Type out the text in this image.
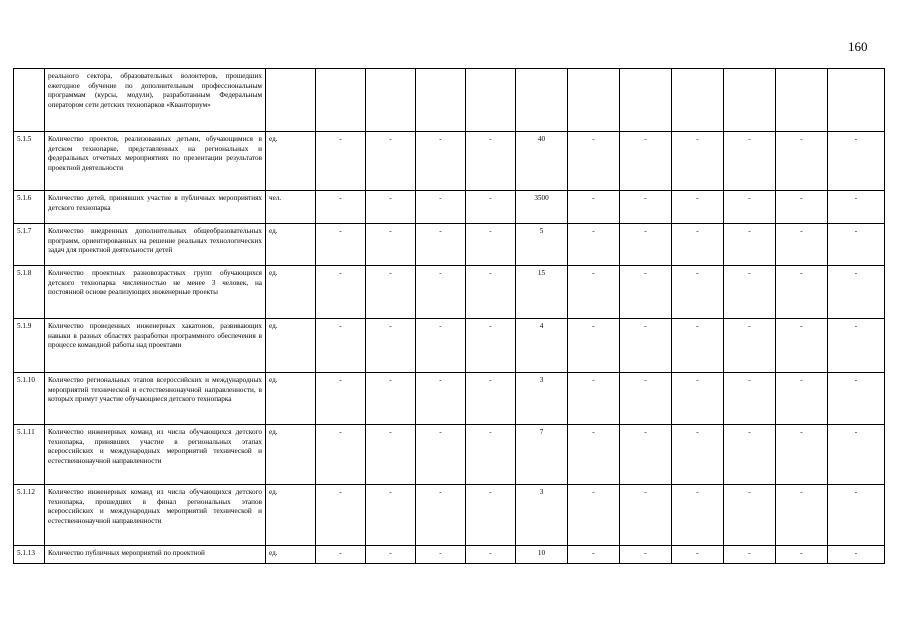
160
	реального сектора, образовательных волонтеров, прошедших ежегодное обучение по дополнительным профессиональным программам (курсы, модули), разработанным Федеральным оператором сети детских технопарков «Кванториум»												
5.1.5	Количество проектов, реализованных детьми, обучающимися в детском технопарке, представленных на региональных и федеральных отчетных мероприятиях по презентации результатов проектной деятельности	ед.	-	-	-	-	40	-	-	-	-	-	-
5.1.6	Количество детей, принявших участие в публичных мероприятиях детского технопарка	чел.	-	-	-	-	3500	-	-	-	-	-	-
5.1.7	Количество внедренных дополнительных общеобразовательных программ, ориентированных на решение реальных технологических задач для проектной деятельности детей	ед.	-	-	-	-	5	-	-	-	-	-	-
5.1.8	Количество проектных разновозрастных групп обучающихся детского технопарка численностью не менее 3 человек, на постоянной основе реализующих инженерные проекты	ед.	-	-	-	-	15	-	-	-	-	-	-
5.1.9	Количество проведенных инженерных хакатонов, развивающих навыки в разных областях разработки программного обеспечения в процессе командной работы над проектами	ед.	-	-	-	-	4	-	-	-	-	-	-
5.1.10	Количество региональных этапов всероссийских и международных мероприятий технической и естественнонаучной направленности, в которых примут участие обучающиеся детского технопарка	ед.	-	-	-	-	3	-	-	-	-	-	-
5.1.11	Количество инженерных команд из числа обучающихся детского технопарка, принявших участие в региональных этапах всероссийских и международных мероприятий технической и естественнонаучной направленности	ед.	-	-	-	-	7	-	-	-	-	-	-
5.1.12	Количество инженерных команд из числа обучающихся детского технопарка, прошедших в финал региональных этапов всероссийских и международных мероприятий технической и естественнонаучной направленности	ед.	-	-	-	-	3	-	-	-	-	-	-
5.1.13	Количество публичных мероприятий по проектной	ед.	-	-	-	-	10	-	-	-	-	-	-
